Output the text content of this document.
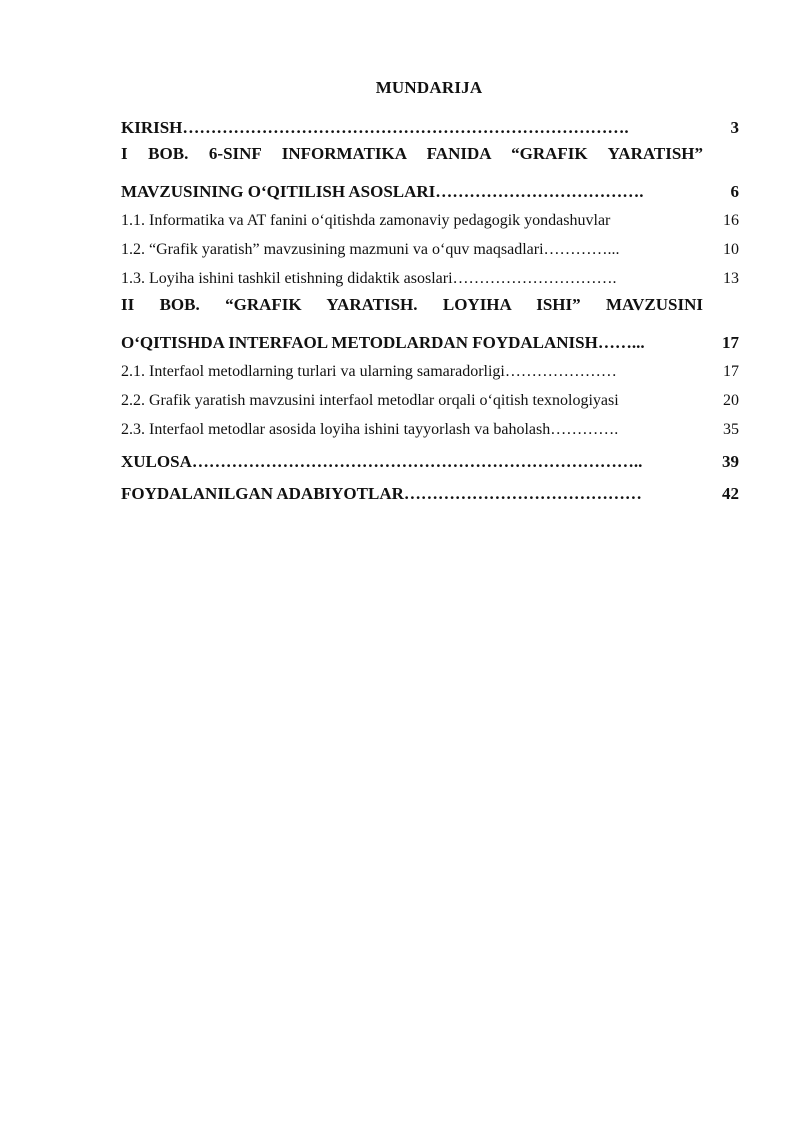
MUNDARIJA
KIRISH…………………………………………………………………….	3
I BOB. 6-SINF INFORMATIKA FANIDA “GRAFIK YARATISH”
MAVZUSINING O‘QITILISH ASOSLARI……………………………….	6
1.1. Informatika va AT fanini o‘qitishda zamonaviy pedagogik yondashuvlar	16
1.2. “Grafik yaratish” mavzusining mazmuni va o‘quv maqsadlari…………...	10
1.3. Loyiha ishini tashkil etishning didaktik asoslari………………………….	13
II BOB. “GRAFIK YARATISH. LOYIHA ISHI” MAVZUSINI
O‘QITISHDA INTERFAOL METODLARDAN FOYDALANISH……...	17
2.1. Interfaol metodlarning turlari va ularning samaradorligi…………………	17
2.2. Grafik yaratish mavzusini interfaol metodlar orqali o‘qitish texnologiyasi	20
2.3. Interfaol metodlar asosida loyiha ishini tayyorlash va baholash………….	35
XULOSA……………………………………………………………………..	39
FOYDALANILGAN ADABIYOTLAR……………………………………	42
